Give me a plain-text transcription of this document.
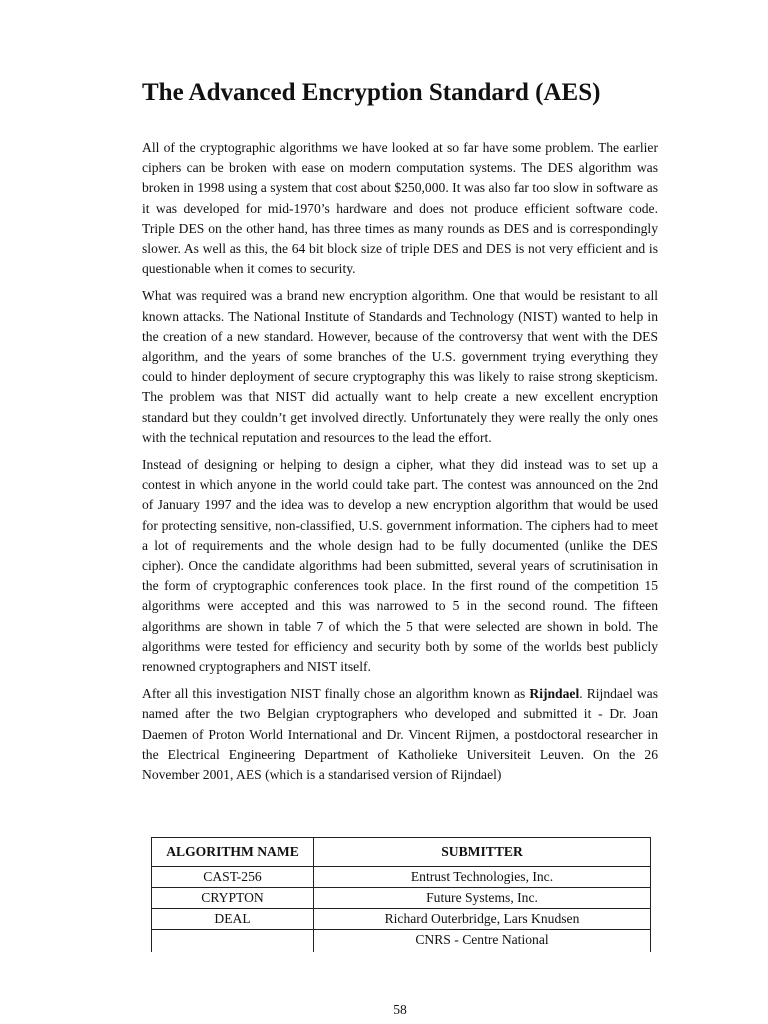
The Advanced Encryption Standard (AES)

All of the cryptographic algorithms we have looked at so far have some problem. The earlier ciphers can be broken with ease on modern computation systems. The DES algorithm was broken in 1998 using a system that cost about $250,000. It was also far too slow in software as it was developed for mid-1970’s hardware and does not produce efficient software code. Triple DES on the other hand, has three times as many rounds as DES and is correspondingly slower. As well as this, the 64 bit block size of triple DES and DES is not very efficient and is questionable when it comes to security.

What was required was a brand new encryption algorithm. One that would be resistant to all known attacks. The National Institute of Standards and Technology (NIST) wanted to help in the creation of a new standard. However, because of the controversy that went with the DES algorithm, and the years of some branches of the U.S. government trying everything they could to hinder deployment of secure cryptography this was likely to raise strong skepticism. The problem was that NIST did actually want to help create a new excellent encryption standard but they couldn’t get involved directly. Unfortunately they were really the only ones with the technical reputation and resources to the lead the effort.

Instead of designing or helping to design a cipher, what they did instead was to set up a contest in which anyone in the world could take part. The contest was announced on the 2nd of January 1997 and the idea was to develop a new encryption algorithm that would be used for protecting sensitive, non-classified, U.S. government information. The ciphers had to meet a lot of requirements and the whole design had to be fully documented (unlike the DES cipher). Once the candidate algorithms had been submitted, several years of scrutinisation in the form of cryptographic conferences took place. In the first round of the competition 15 algorithms were accepted and this was narrowed to 5 in the second round. The fifteen algorithms are shown in table 7 of which the 5 that were selected are shown in bold. The algorithms were tested for efficiency and security both by some of the worlds best publicly renowned cryptographers and NIST itself.

After all this investigation NIST finally chose an algorithm known as Rijndael. Rijndael was named after the two Belgian cryptographers who developed and submitted it - Dr. Joan Daemen of Proton World International and Dr. Vincent Rijmen, a postdoctoral researcher in the Electrical Engineering Department of Katholieke Universiteit Leuven. On the 26 November 2001, AES (which is a standarised version of Rijndael)

ALGORITHM NAME	SUBMITTER
CAST-256	Entrust Technologies, Inc.
CRYPTON	Future Systems, Inc.
DEAL	Richard Outerbridge, Lars Knudsen
	CNRS - Centre National
58
